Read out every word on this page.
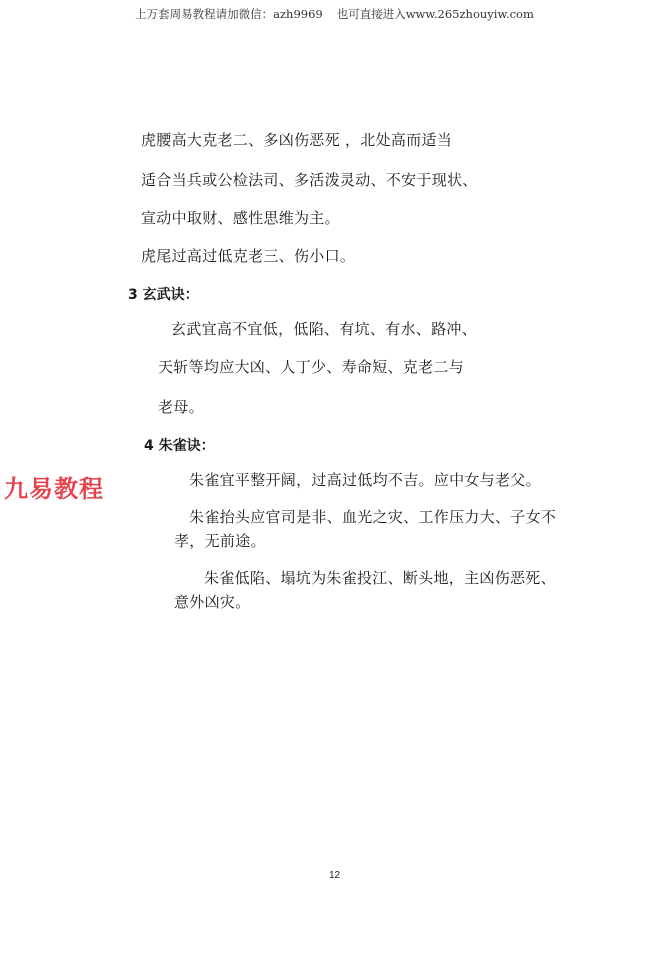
上万套周易教程请加微信：azh9969 也可直接进入www.265zhouyiw.com
虎腰高大克老二、多凶伤恶死 ，北处高而适当
适合当兵或公检法司、多活泼灵动、不安于现状、
宣动中取财、感性思维为主。
虎尾过高过低克老三、伤小口。
3 玄武诀：
玄武宜高不宜低，低陷、有坑、有水、路冲、
天斩等均应大凶、人丁少、寿命短、克老二与
老母。
4 朱雀诀：
朱雀宜平整开阔，过高过低均不吉。应中女与老父。
朱雀抬头应官司是非、血光之灾、工作压力大、子女不
孝，无前途。
朱雀低陷、塌坑为朱雀投江、断头地，主凶伤恶死、
意外凶灾。
九易教程
12
